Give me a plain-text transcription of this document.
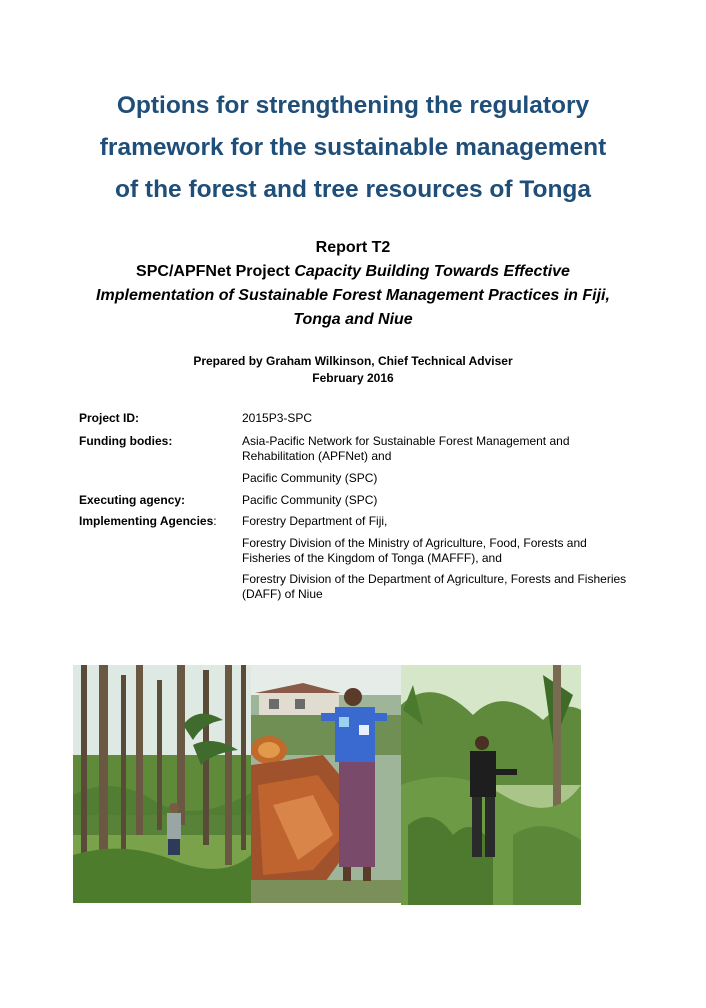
Options for strengthening the regulatory
framework for the sustainable management
of the forest and tree resources of Tonga
Report T2
SPC/APFNet Project Capacity Building Towards Effective
Implementation of Sustainable Forest Management Practices in Fiji,
Tonga and Niue
Prepared by Graham Wilkinson, Chief Technical Adviser
February 2016
Project ID:	2015P3-SPC
Funding bodies:	Asia-Pacific Network for Sustainable Forest Management and Rehabilitation (APFNet) and
Pacific Community (SPC)
Executing agency:	Pacific Community (SPC)
Implementing Agencies:	Forestry Department of Fiji,
Forestry Division of the Ministry of Agriculture, Food, Forests and Fisheries of the Kingdom of Tonga (MAFFF), and
Forestry Division of the Department of Agriculture, Forests and Fisheries (DAFF) of Niue
